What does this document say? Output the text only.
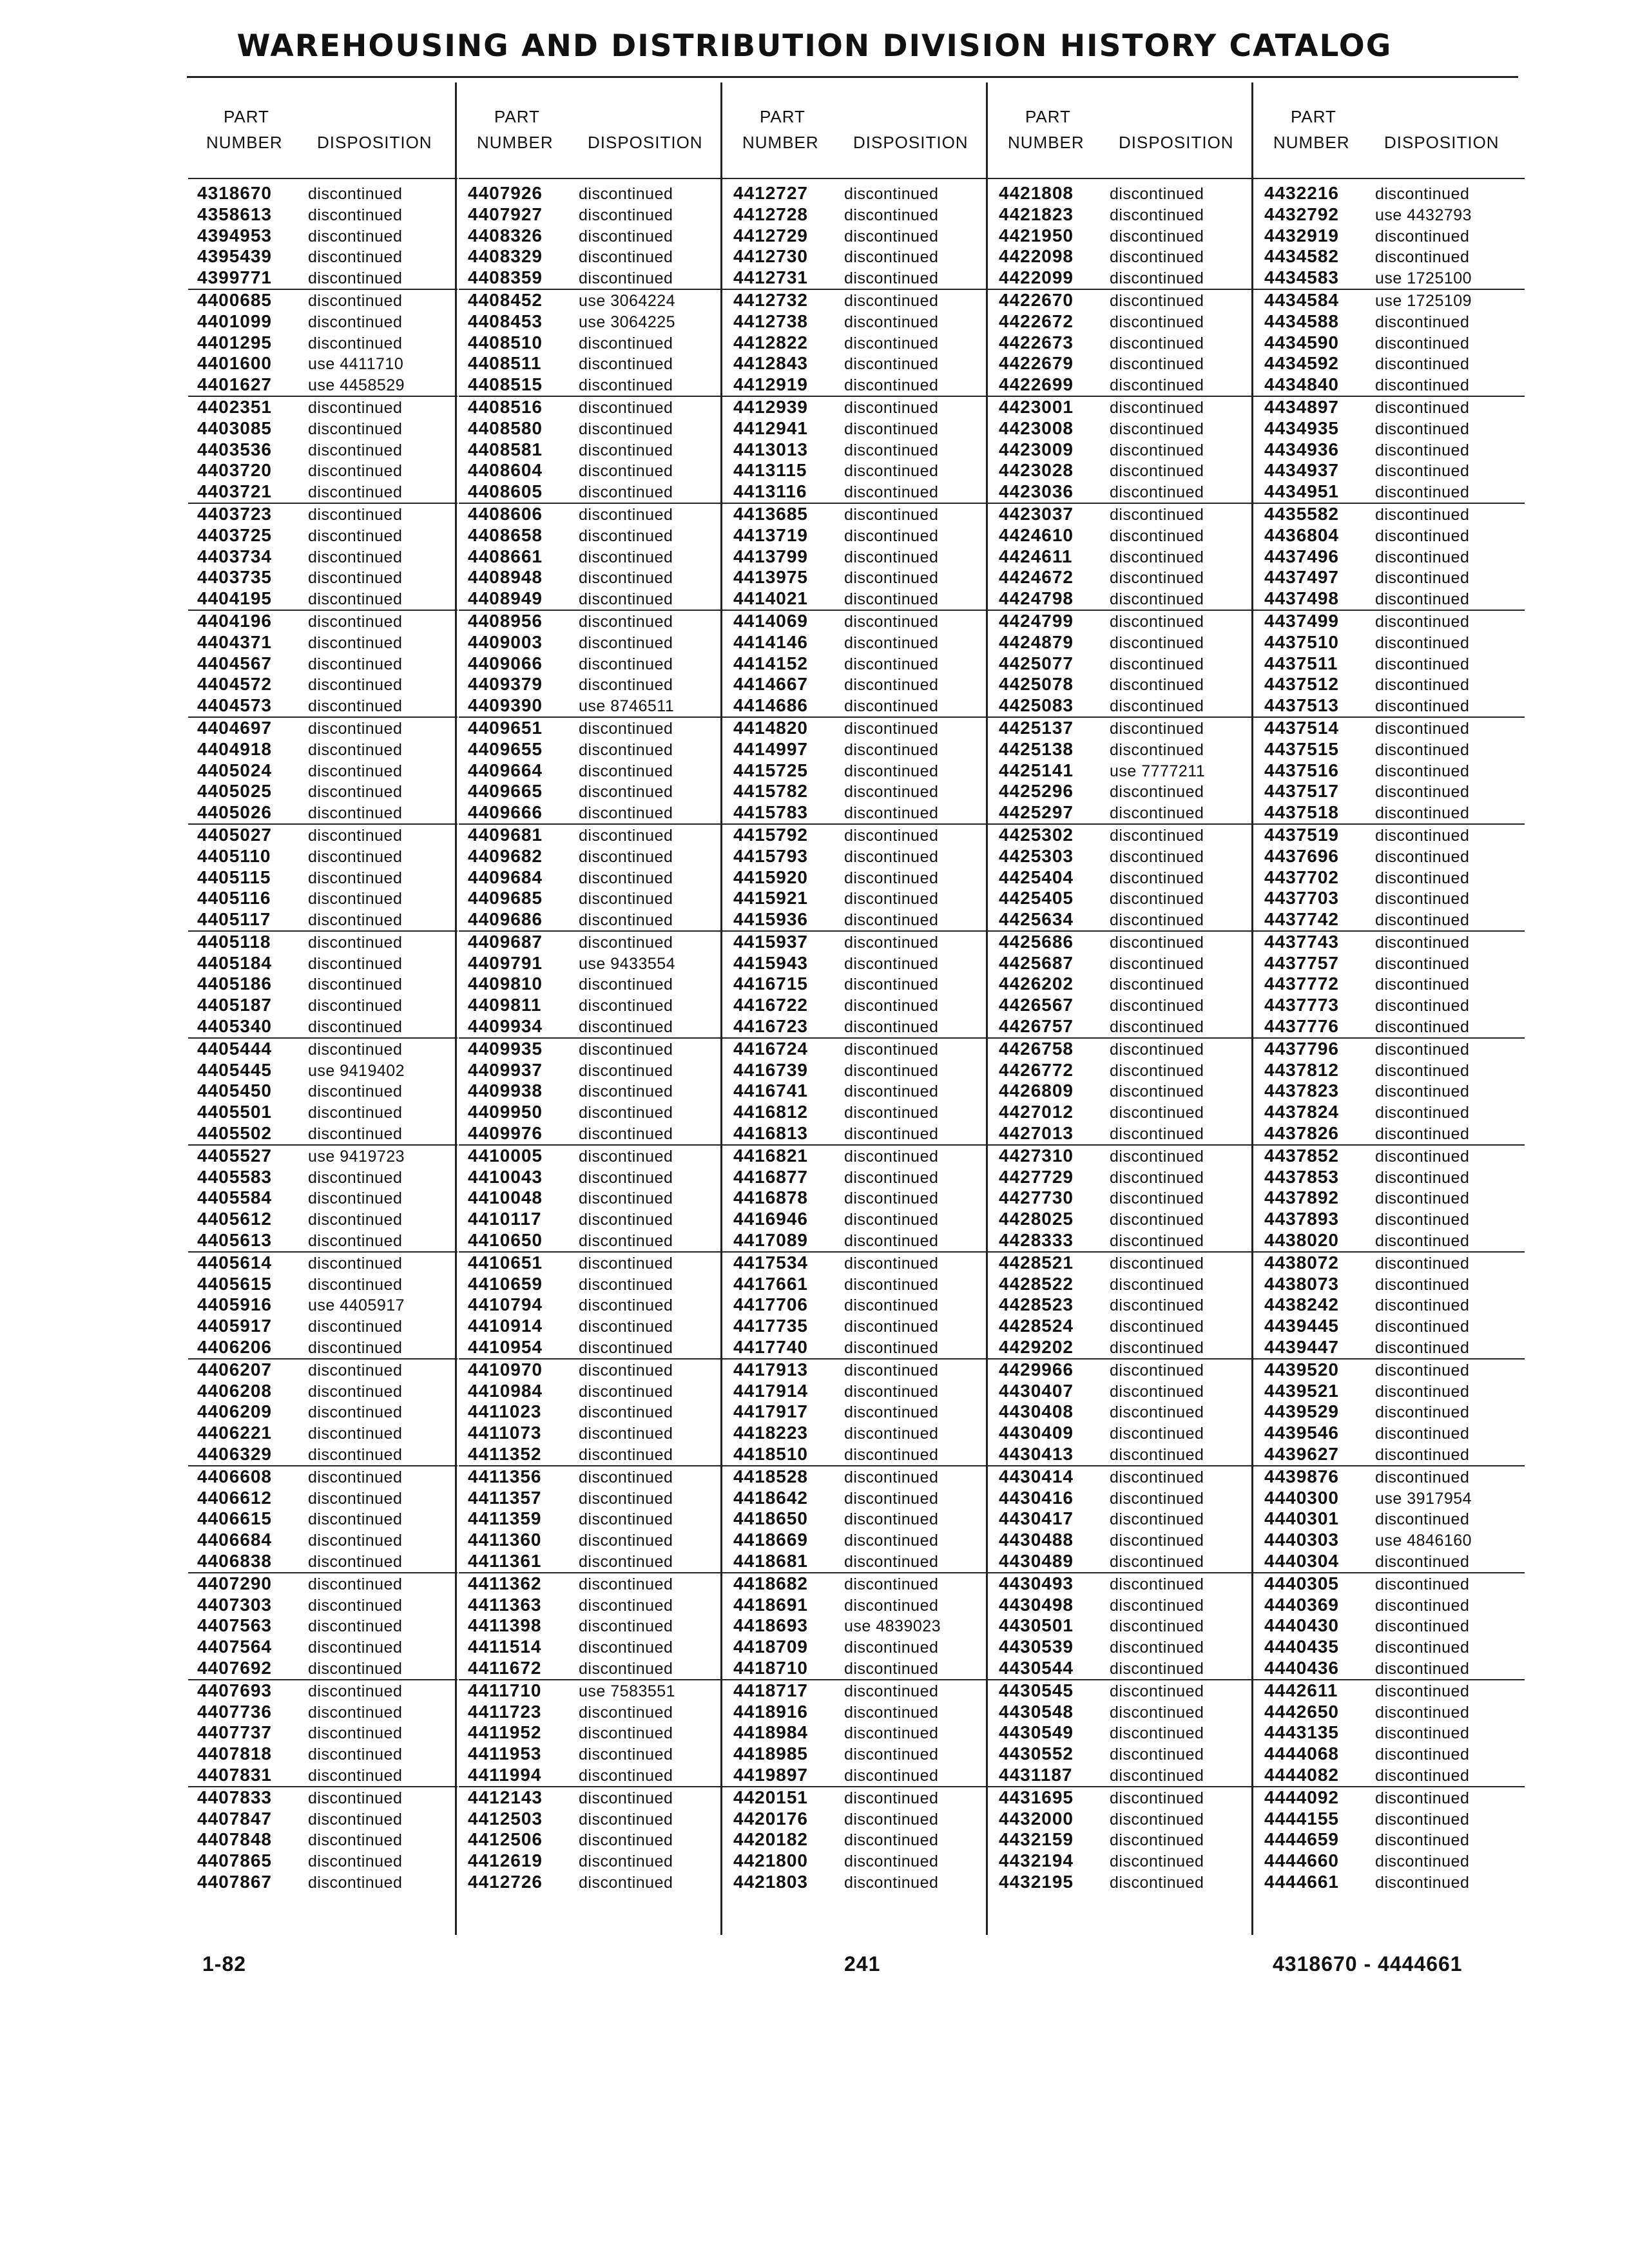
WAREHOUSING AND DISTRIBUTION DIVISION HISTORY CATALOG
PART
NUMBER DISPOSITION
4318670 discontinued
4358613 discontinued
4394953 discontinued
4395439 discontinued
4399771 discontinued
4400685 discontinued
4401099 discontinued
4401295 discontinued
4401600 use 4411710
4401627 use 4458529
4402351 discontinued
4403085 discontinued
4403536 discontinued
4403720 discontinued
4403721 discontinued
4403723 discontinued
4403725 discontinued
4403734 discontinued
4403735 discontinued
4404195 discontinued
4404196 discontinued
4404371 discontinued
4404567 discontinued
4404572 discontinued
4404573 discontinued
4404697 discontinued
4404918 discontinued
4405024 discontinued
4405025 discontinued
4405026 discontinued
4405027 discontinued
4405110 discontinued
4405115 discontinued
4405116 discontinued
4405117 discontinued
4405118 discontinued
4405184 discontinued
4405186 discontinued
4405187 discontinued
4405340 discontinued
4405444 discontinued
4405445 use 9419402
4405450 discontinued
4405501 discontinued
4405502 discontinued
4405527 use 9419723
4405583 discontinued
4405584 discontinued
4405612 discontinued
4405613 discontinued
4405614 discontinued
4405615 discontinued
4405916 use 4405917
4405917 discontinued
4406206 discontinued
4406207 discontinued
4406208 discontinued
4406209 discontinued
4406221 discontinued
4406329 discontinued
4406608 discontinued
4406612 discontinued
4406615 discontinued
4406684 discontinued
4406838 discontinued
4407290 discontinued
4407303 discontinued
4407563 discontinued
4407564 discontinued
4407692 discontinued
4407693 discontinued
4407736 discontinued
4407737 discontinued
4407818 discontinued
4407831 discontinued
4407833 discontinued
4407847 discontinued
4407848 discontinued
4407865 discontinued
4407867 discontinued
PART
NUMBER DISPOSITION
4407926 discontinued
4407927 discontinued
4408326 discontinued
4408329 discontinued
4408359 discontinued
4408452 use 3064224
4408453 use 3064225
4408510 discontinued
4408511 discontinued
4408515 discontinued
4408516 discontinued
4408580 discontinued
4408581 discontinued
4408604 discontinued
4408605 discontinued
4408606 discontinued
4408658 discontinued
4408661 discontinued
4408948 discontinued
4408949 discontinued
4408956 discontinued
4409003 discontinued
4409066 discontinued
4409379 discontinued
4409390 use 8746511
4409651 discontinued
4409655 discontinued
4409664 discontinued
4409665 discontinued
4409666 discontinued
4409681 discontinued
4409682 discontinued
4409684 discontinued
4409685 discontinued
4409686 discontinued
4409687 discontinued
4409791 use 9433554
4409810 discontinued
4409811 discontinued
4409934 discontinued
4409935 discontinued
4409937 discontinued
4409938 discontinued
4409950 discontinued
4409976 discontinued
4410005 discontinued
4410043 discontinued
4410048 discontinued
4410117 discontinued
4410650 discontinued
4410651 discontinued
4410659 discontinued
4410794 discontinued
4410914 discontinued
4410954 discontinued
4410970 discontinued
4410984 discontinued
4411023 discontinued
4411073 discontinued
4411352 discontinued
4411356 discontinued
4411357 discontinued
4411359 discontinued
4411360 discontinued
4411361 discontinued
4411362 discontinued
4411363 discontinued
4411398 discontinued
4411514 discontinued
4411672 discontinued
4411710 use 7583551
4411723 discontinued
4411952 discontinued
4411953 discontinued
4411994 discontinued
4412143 discontinued
4412503 discontinued
4412506 discontinued
4412619 discontinued
4412726 discontinued
PART
NUMBER DISPOSITION
4412727 discontinued
4412728 discontinued
4412729 discontinued
4412730 discontinued
4412731 discontinued
4412732 discontinued
4412738 discontinued
4412822 discontinued
4412843 discontinued
4412919 discontinued
4412939 discontinued
4412941 discontinued
4413013 discontinued
4413115 discontinued
4413116 discontinued
4413685 discontinued
4413719 discontinued
4413799 discontinued
4413975 discontinued
4414021 discontinued
4414069 discontinued
4414146 discontinued
4414152 discontinued
4414667 discontinued
4414686 discontinued
4414820 discontinued
4414997 discontinued
4415725 discontinued
4415782 discontinued
4415783 discontinued
4415792 discontinued
4415793 discontinued
4415920 discontinued
4415921 discontinued
4415936 discontinued
4415937 discontinued
4415943 discontinued
4416715 discontinued
4416722 discontinued
4416723 discontinued
4416724 discontinued
4416739 discontinued
4416741 discontinued
4416812 discontinued
4416813 discontinued
4416821 discontinued
4416877 discontinued
4416878 discontinued
4416946 discontinued
4417089 discontinued
4417534 discontinued
4417661 discontinued
4417706 discontinued
4417735 discontinued
4417740 discontinued
4417913 discontinued
4417914 discontinued
4417917 discontinued
4418223 discontinued
4418510 discontinued
4418528 discontinued
4418642 discontinued
4418650 discontinued
4418669 discontinued
4418681 discontinued
4418682 discontinued
4418691 discontinued
4418693 use 4839023
4418709 discontinued
4418710 discontinued
4418717 discontinued
4418916 discontinued
4418984 discontinued
4418985 discontinued
4419897 discontinued
4420151 discontinued
4420176 discontinued
4420182 discontinued
4421800 discontinued
4421803 discontinued
PART
NUMBER DISPOSITION
4421808 discontinued
4421823 discontinued
4421950 discontinued
4422098 discontinued
4422099 discontinued
4422670 discontinued
4422672 discontinued
4422673 discontinued
4422679 discontinued
4422699 discontinued
4423001 discontinued
4423008 discontinued
4423009 discontinued
4423028 discontinued
4423036 discontinued
4423037 discontinued
4424610 discontinued
4424611 discontinued
4424672 discontinued
4424798 discontinued
4424799 discontinued
4424879 discontinued
4425077 discontinued
4425078 discontinued
4425083 discontinued
4425137 discontinued
4425138 discontinued
4425141 use 7777211
4425296 discontinued
4425297 discontinued
4425302 discontinued
4425303 discontinued
4425404 discontinued
4425405 discontinued
4425634 discontinued
4425686 discontinued
4425687 discontinued
4426202 discontinued
4426567 discontinued
4426757 discontinued
4426758 discontinued
4426772 discontinued
4426809 discontinued
4427012 discontinued
4427013 discontinued
4427310 discontinued
4427729 discontinued
4427730 discontinued
4428025 discontinued
4428333 discontinued
4428521 discontinued
4428522 discontinued
4428523 discontinued
4428524 discontinued
4429202 discontinued
4429966 discontinued
4430407 discontinued
4430408 discontinued
4430409 discontinued
4430413 discontinued
4430414 discontinued
4430416 discontinued
4430417 discontinued
4430488 discontinued
4430489 discontinued
4430493 discontinued
4430498 discontinued
4430501 discontinued
4430539 discontinued
4430544 discontinued
4430545 discontinued
4430548 discontinued
4430549 discontinued
4430552 discontinued
4431187 discontinued
4431695 discontinued
4432000 discontinued
4432159 discontinued
4432194 discontinued
4432195 discontinued
PART
NUMBER DISPOSITION
4432216 discontinued
4432792 use 4432793
4432919 discontinued
4434582 discontinued
4434583 use 1725100
4434584 use 1725109
4434588 discontinued
4434590 discontinued
4434592 discontinued
4434840 discontinued
4434897 discontinued
4434935 discontinued
4434936 discontinued
4434937 discontinued
4434951 discontinued
4435582 discontinued
4436804 discontinued
4437496 discontinued
4437497 discontinued
4437498 discontinued
4437499 discontinued
4437510 discontinued
4437511 discontinued
4437512 discontinued
4437513 discontinued
4437514 discontinued
4437515 discontinued
4437516 discontinued
4437517 discontinued
4437518 discontinued
4437519 discontinued
4437696 discontinued
4437702 discontinued
4437703 discontinued
4437742 discontinued
4437743 discontinued
4437757 discontinued
4437772 discontinued
4437773 discontinued
4437776 discontinued
4437796 discontinued
4437812 discontinued
4437823 discontinued
4437824 discontinued
4437826 discontinued
4437852 discontinued
4437853 discontinued
4437892 discontinued
4437893 discontinued
4438020 discontinued
4438072 discontinued
4438073 discontinued
4438242 discontinued
4439445 discontinued
4439447 discontinued
4439520 discontinued
4439521 discontinued
4439529 discontinued
4439546 discontinued
4439627 discontinued
4439876 discontinued
4440300 use 3917954
4440301 discontinued
4440303 use 4846160
4440304 discontinued
4440305 discontinued
4440369 discontinued
4440430 discontinued
4440435 discontinued
4440436 discontinued
4442611 discontinued
4442650 discontinued
4443135 discontinued
4444068 discontinued
4444082 discontinued
4444092 discontinued
4444155 discontinued
4444659 discontinued
4444660 discontinued
4444661 discontinued
1-82	241	4318670 - 4444661
